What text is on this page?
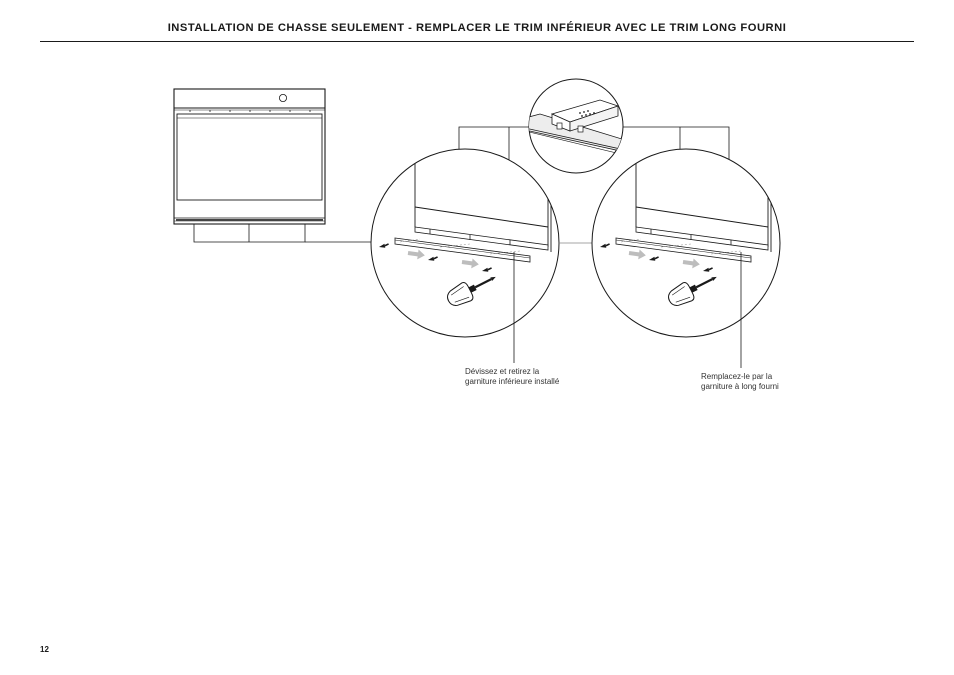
INSTALLATION DE CHASSE SEULEMENT - REMPLACER LE TRIM INFÉRIEUR AVEC LE TRIM LONG FOURNI
Dévissez et retirez la
garniture inférieure installé	Remplacez-le par la
garniture à long fourni
12
